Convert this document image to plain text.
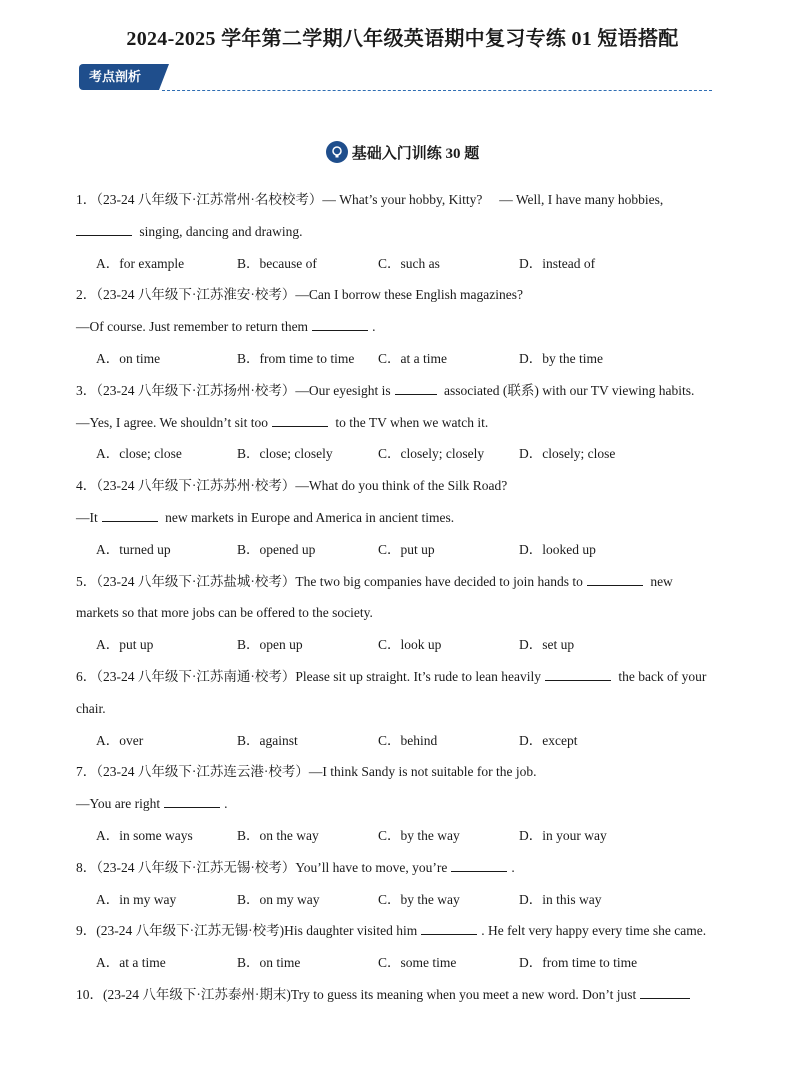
2024-2025 学年第二学期八年级英语期中复习专练 01 短语搭配
考点剖析
基础入门训练 30 题
1．（23-24 八年级下·江苏常州·名校校考）— What’s your hobby, Kitty?　 — Well, I have many hobbies,
singing, dancing and drawing.
A．for example	B．because of	C．such as	D．instead of
2．（23-24 八年级下·江苏淮安·校考）—Can I borrow these English magazines?
—Of course. Just remember to return them	.
A．on time	B．from time to time	C．at a time	D．by the time
3．（23-24 八年级下·江苏扬州·校考）—Our eyesight is	associated (联系) with our TV viewing habits.
—Yes, I agree. We shouldn’t sit too	to the TV when we watch it.
A．close; close	B．close; closely	C．closely; closely	D．closely; close
4．（23-24 八年级下·江苏苏州·校考）—What do you think of the Silk Road?
—It	new markets in Europe and America in ancient times.
A．turned up	B．opened up	C．put up	D．looked up
5．（23-24 八年级下·江苏盐城·校考）The two big companies have decided to join hands to	new
markets so that more jobs can be offered to the society.
A．put up	B．open up	C．look up	D．set up
6．（23-24 八年级下·江苏南通·校考）Please sit up straight. It’s rude to lean heavily	the back of your
chair.
A．over	B．against	C．behind	D．except
7．（23-24 八年级下·江苏连云港·校考）—I think Sandy is not suitable for the job.
—You are right	.
A．in some ways	B．on the way	C．by the way	D．in your way
8．（23-24 八年级下·江苏无锡·校考）You’ll have to move, you’re	.
A．in my way	B．on my way	C．by the way	D．in this way
9．(23-24 八年级下·江苏无锡·校考)His daughter visited him	. He felt very happy every time she came.
A．at a time	B．on time	C．some time	D．from time to time
10．(23-24 八年级下·江苏泰州·期末)Try to guess its meaning when you meet a new word. Don’t just
